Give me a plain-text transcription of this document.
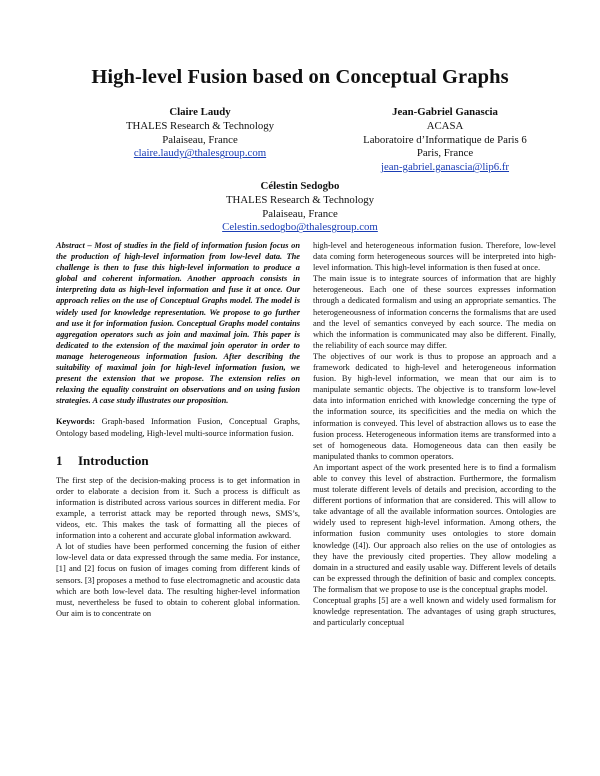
High-level Fusion based on Conceptual Graphs
Claire Laudy
THALES Research & Technology
Palaiseau, France
claire.laudy@thalesgroup.com
Jean-Gabriel Ganascia
ACASA
Laboratoire d’Informatique de Paris 6
Paris, France
jean-gabriel.ganascia@lip6.fr
Célestin Sedogbo
THALES Research & Technology
Palaiseau, France
Celestin.sedogbo@thalesgroup.com

Abstract – Most of studies in the field of information fusion focus on the production of high-level information from low-level data. The challenge is then to fuse this high-level information to produce a global and coherent information. Another approach consists in interpreting data as high-level information and fuse it at once. Our approach relies on the use of Conceptual Graphs model. The model is widely used for knowledge representation. We propose to go further and use it for information fusion. Conceptual Graphs model contains aggregation operators such as join and maximal join. This paper is dedicated to the extension of the maximal join operator in order to manage heterogeneous information fusion. After describing the suitability of maximal join for high-level information fusion, we present the extension that we propose. The extension relies on relaxing the equality constraint on observations and on using fusion strategies. A case study illustrates our proposition.

Keywords: Graph-based Information Fusion, Conceptual Graphs, Ontology based modeling, High-level multi-source information fusion.

1 Introduction

The first step of the decision-making process is to get information in order to elaborate a decision from it. Such a process is difficult as information is distributed across various sources in different media. For example, a terrorist attack may be reported through news, SMS’s, videos, etc. This makes the task of formatting all the pieces of information into a coherent and accurate global information awkward.

A lot of studies have been performed concerning the fusion of either low-level data or data expressed through the same media. For instance, [1] and [2] focus on fusion of images coming from different kinds of sensors. [3] proposes a method to fuse electromagnetic and acoustic data which are both low-level data. The resulting higher-level information must, nevertheless be fused to obtain to coherent global information. Our aim is to concentrate on

high-level and heterogeneous information fusion. Therefore, low-level data coming form heterogeneous sources will be interpreted into high-level information. This high-level information is then fused at once.

The main issue is to integrate sources of information that are highly heterogeneous. Each one of these sources expresses information through a dedicated formalism and using an appropriate semantics. The heterogeneousness of information concerns the formalisms that are used and the level of semantics conveyed by each source. The media on which the information is communicated may also be different. Finally, the reliability of each source may differ.

The objectives of our work is thus to propose an approach and a framework dedicated to high-level and heterogeneous information fusion. By high-level information, we mean that our aim is to manipulate semantic objects. The objective is to transform low-level data into information enriched with knowledge concerning the type of the information source, its specificities and the media on which the information is conveyed. This level of abstraction allows us to ease the fusion process. Heterogeneous information items are transformed into a set of homogeneous data. Homogeneous data can then easily be manipulated thanks to common operators.

An important aspect of the work presented here is to find a formalism able to convey this level of abstraction. Furthermore, the formalism must tolerate different levels of details and precision, according to the different portions of information that are considered. This will allow to take advantage of all the available information sources. Ontologies are widely used to represent high-level information. Among others, the information fusion community uses ontologies to store domain knowledge ([4]). Our approach also relies on the use of ontologies as they have the previously cited properties. They allow modeling a domain in a structured and easily usable way. Different levels of details can be expressed through the definition of basic and complex concepts. The formalism that we propose to use is the conceptual graphs model.

Conceptual graphs [5] are a well known and widely used formalism for knowledge representation. The advantages of using graph structures, and particularly conceptual
